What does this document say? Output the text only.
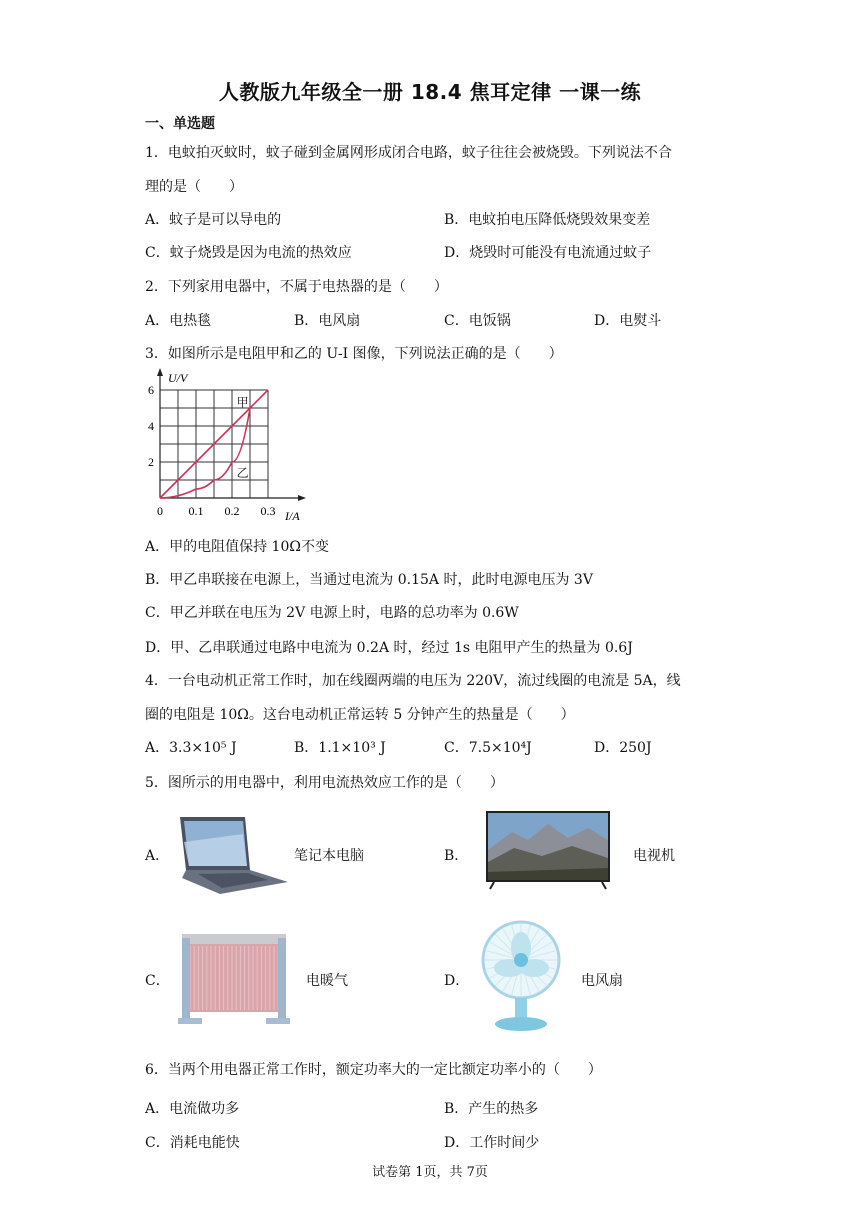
人教版九年级全一册 18.4 焦耳定律 一课一练
一、单选题
1．电蚊拍灭蚊时，蚊子碰到金属网形成闭合电路，蚊子往往会被烧毁。下列说法不合
理的是（　　）
A．蚊子是可以导电的	B．电蚊拍电压降低烧毁效果变差
C．蚊子烧毁是因为电流的热效应	D．烧毁时可能没有电流通过蚊子
2．下列家用电器中，不属于电热器的是（　　）
A．电热毯	B．电风扇	C．电饭锅	D．电熨斗
3．如图所示是电阻甲和乙的 U-I 图像，下列说法正确的是（　　）
0 0.1 0.2 0.3
2
4
6
U/V
I/A
甲
乙
A．甲的电阻值保持 10Ω不变
B．甲乙串联接在电源上，当通过电流为 0.15A 时，此时电源电压为 3V
C．甲乙并联在电压为 2V 电源上时，电路的总功率为 0.6W
D．甲、乙串联通过电路中电流为 0.2A 时，经过 1s 电阻甲产生的热量为 0.6J
4．一台电动机正常工作时，加在线圈两端的电压为 220V，流过线圈的电流是 5A，线
圈的电阻是 10Ω。这台电动机正常运转 5 分钟产生的热量是（　　）
A．3.3×10⁵ J	B．1.1×10³ J	C．7.5×10⁴J	D．250J
5．图所示的用电器中，利用电流热效应工作的是（　　）
A．	笔记本电脑	B．	电视机
C．	电暖气	D．	电风扇
6．当两个用电器正常工作时，额定功率大的一定比额定功率小的（　　）
A．电流做功多	B．产生的热多
C．消耗电能快	D．工作时间少
试卷第 1页，共 7页
